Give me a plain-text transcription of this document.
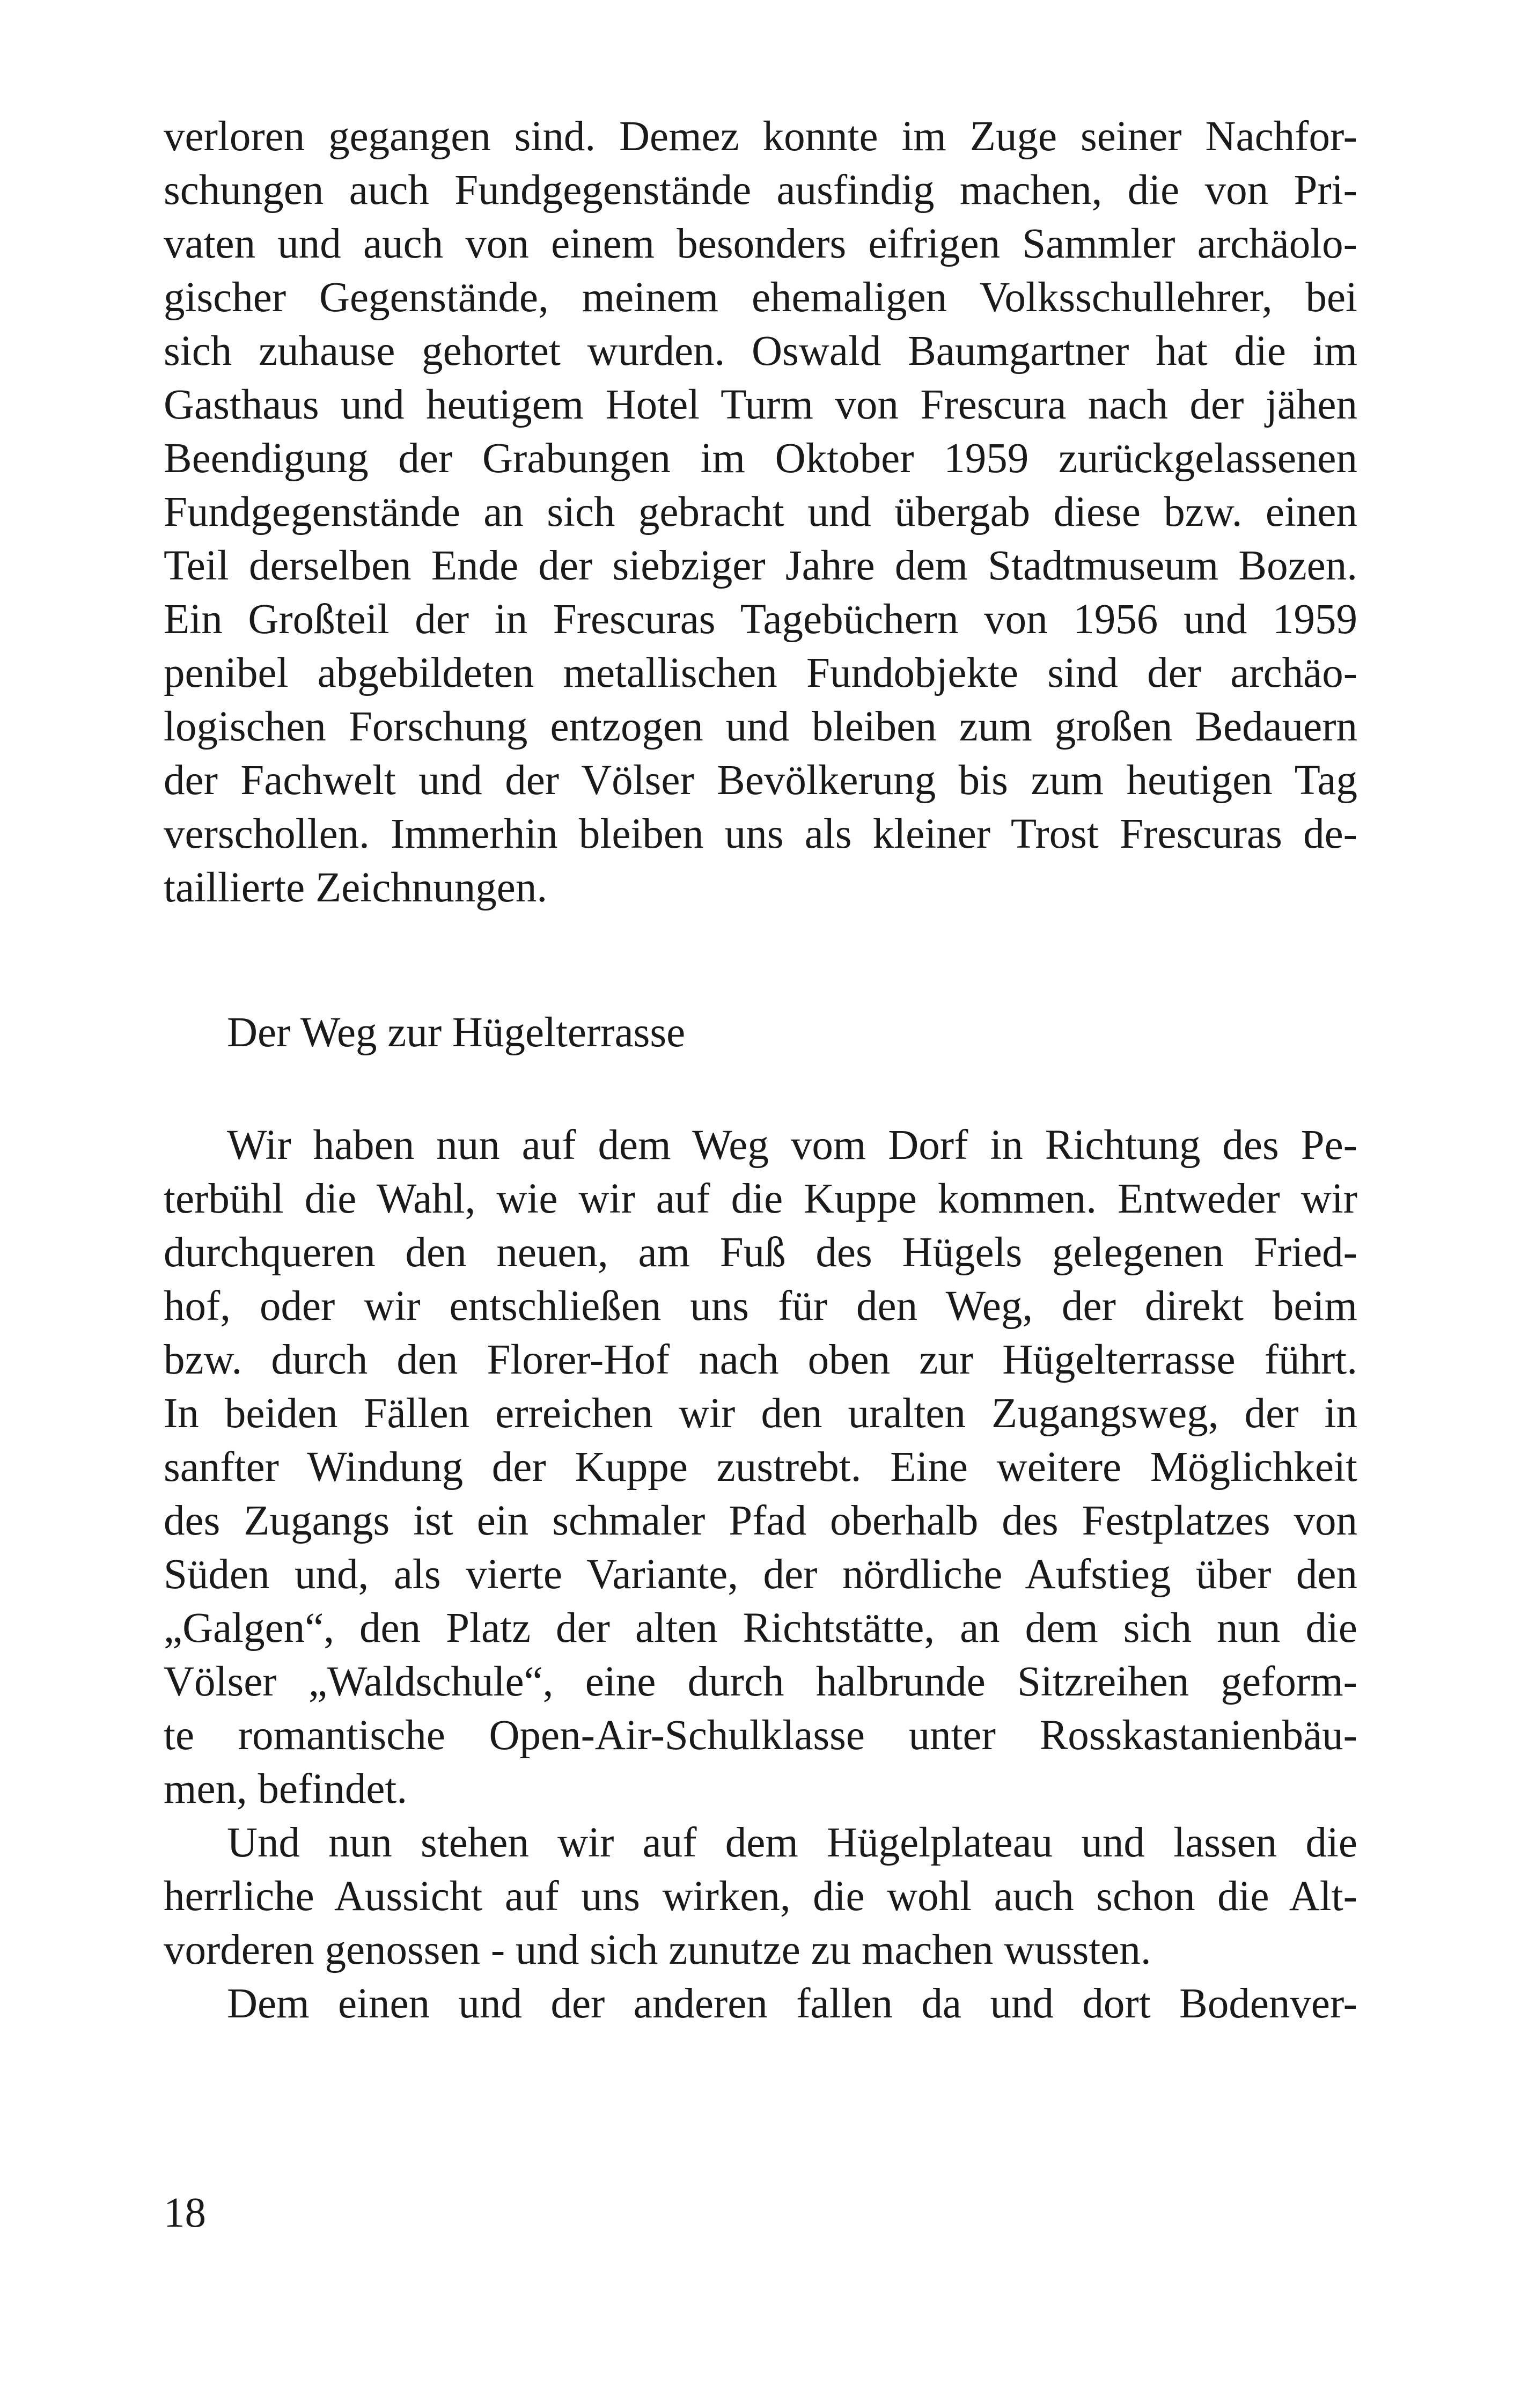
verloren gegangen sind. Demez konnte im Zuge seiner Nachfor-
schungen auch Fundgegenstände ausfindig machen, die von Pri-
vaten und auch von einem besonders eifrigen Sammler archäolo-
gischer Gegenstände, meinem ehemaligen Volksschullehrer, bei
sich zuhause gehortet wurden. Oswald Baumgartner hat die im
Gasthaus und heutigem Hotel Turm von Frescura nach der jähen
Beendigung der Grabungen im Oktober 1959 zurückgelassenen
Fundgegenstände an sich gebracht und übergab diese bzw. einen
Teil derselben Ende der siebziger Jahre dem Stadtmuseum Bozen.
Ein Großteil der in Frescuras Tagebüchern von 1956 und 1959
penibel abgebildeten metallischen Fundobjekte sind der archäo-
logischen Forschung entzogen und bleiben zum großen Bedauern
der Fachwelt und der Völser Bevölkerung bis zum heutigen Tag
verschollen. Immerhin bleiben uns als kleiner Trost Frescuras de-
taillierte Zeichnungen.
Der Weg zur Hügelterrasse
Wir haben nun auf dem Weg vom Dorf in Richtung des Pe-
terbühl die Wahl, wie wir auf die Kuppe kommen. Entweder wir
durchqueren den neuen, am Fuß des Hügels gelegenen Fried-
hof, oder wir entschließen uns für den Weg, der direkt beim
bzw. durch den Florer-Hof nach oben zur Hügelterrasse führt.
In beiden Fällen erreichen wir den uralten Zugangsweg, der in
sanfter Windung der Kuppe zustrebt. Eine weitere Möglichkeit
des Zugangs ist ein schmaler Pfad oberhalb des Festplatzes von
Süden und, als vierte Variante, der nördliche Aufstieg über den
„Galgen“, den Platz der alten Richtstätte, an dem sich nun die
Völser „Waldschule“, eine durch halbrunde Sitzreihen geform-
te romantische Open-Air-Schulklasse unter Rosskastanienbäu-
men, befindet.
Und nun stehen wir auf dem Hügelplateau und lassen die
herrliche Aussicht auf uns wirken, die wohl auch schon die Alt-
vorderen genossen - und sich zunutze zu machen wussten.
Dem einen und der anderen fallen da und dort Bodenver-
18
